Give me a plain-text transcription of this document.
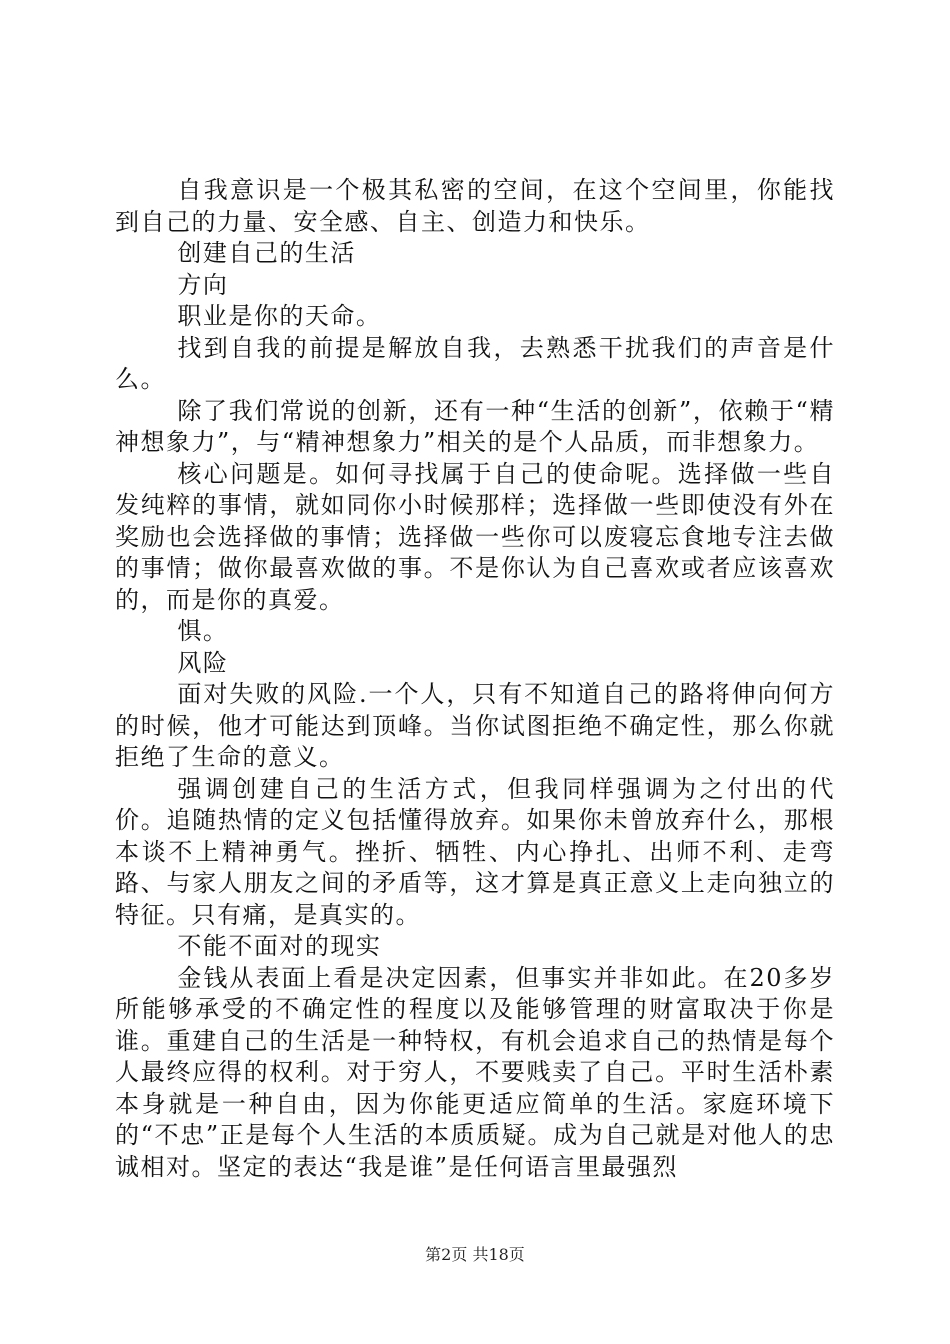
自我意识是一个极其私密的空间，在这个空间里，你能找到自己的力量、安全感、自主、创造力和快乐。

创建自己的生活

方向

职业是你的天命。

找到自我的前提是解放自我，去熟悉干扰我们的声音是什么。

除了我们常说的创新，还有一种“生活的创新”，依赖于“精神想象力”，与“精神想象力”相关的是个人品质，而非想象力。

核心问题是。如何寻找属于自己的使命呢。选择做一些自发纯粹的事情，就如同你小时候那样；选择做一些即使没有外在奖励也会选择做的事情；选择做一些你可以废寝忘食地专注去做的事情；做你最喜欢做的事。不是你认为自己喜欢或者应该喜欢的，而是你的真爱。

惧。

风险

面对失败的风险.一个人，只有不知道自己的路将伸向何方的时候，他才可能达到顶峰。当你试图拒绝不确定性，那么你就拒绝了生命的意义。

强调创建自己的生活方式，但我同样强调为之付出的代价。追随热情的定义包括懂得放弃。如果你未曾放弃什么，那根本谈不上精神勇气。挫折、牺牲、内心挣扎、出师不利、走弯路、与家人朋友之间的矛盾等，这才算是真正意义上走向独立的特征。只有痛，是真实的。

不能不面对的现实

金钱从表面上看是决定因素，但事实并非如此。在20多岁所能够承受的不确定性的程度以及能够管理的财富取决于你是谁。重建自己的生活是一种特权，有机会追求自己的热情是每个人最终应得的权利。对于穷人，不要贱卖了自己。平时生活朴素本身就是一种自由，因为你能更适应简单的生活。家庭环境下的“不忠”正是每个人生活的本质质疑。成为自己就是对他人的忠诚相对。坚定的表达“我是谁”是任何语言里最强烈

第2页 共18页
